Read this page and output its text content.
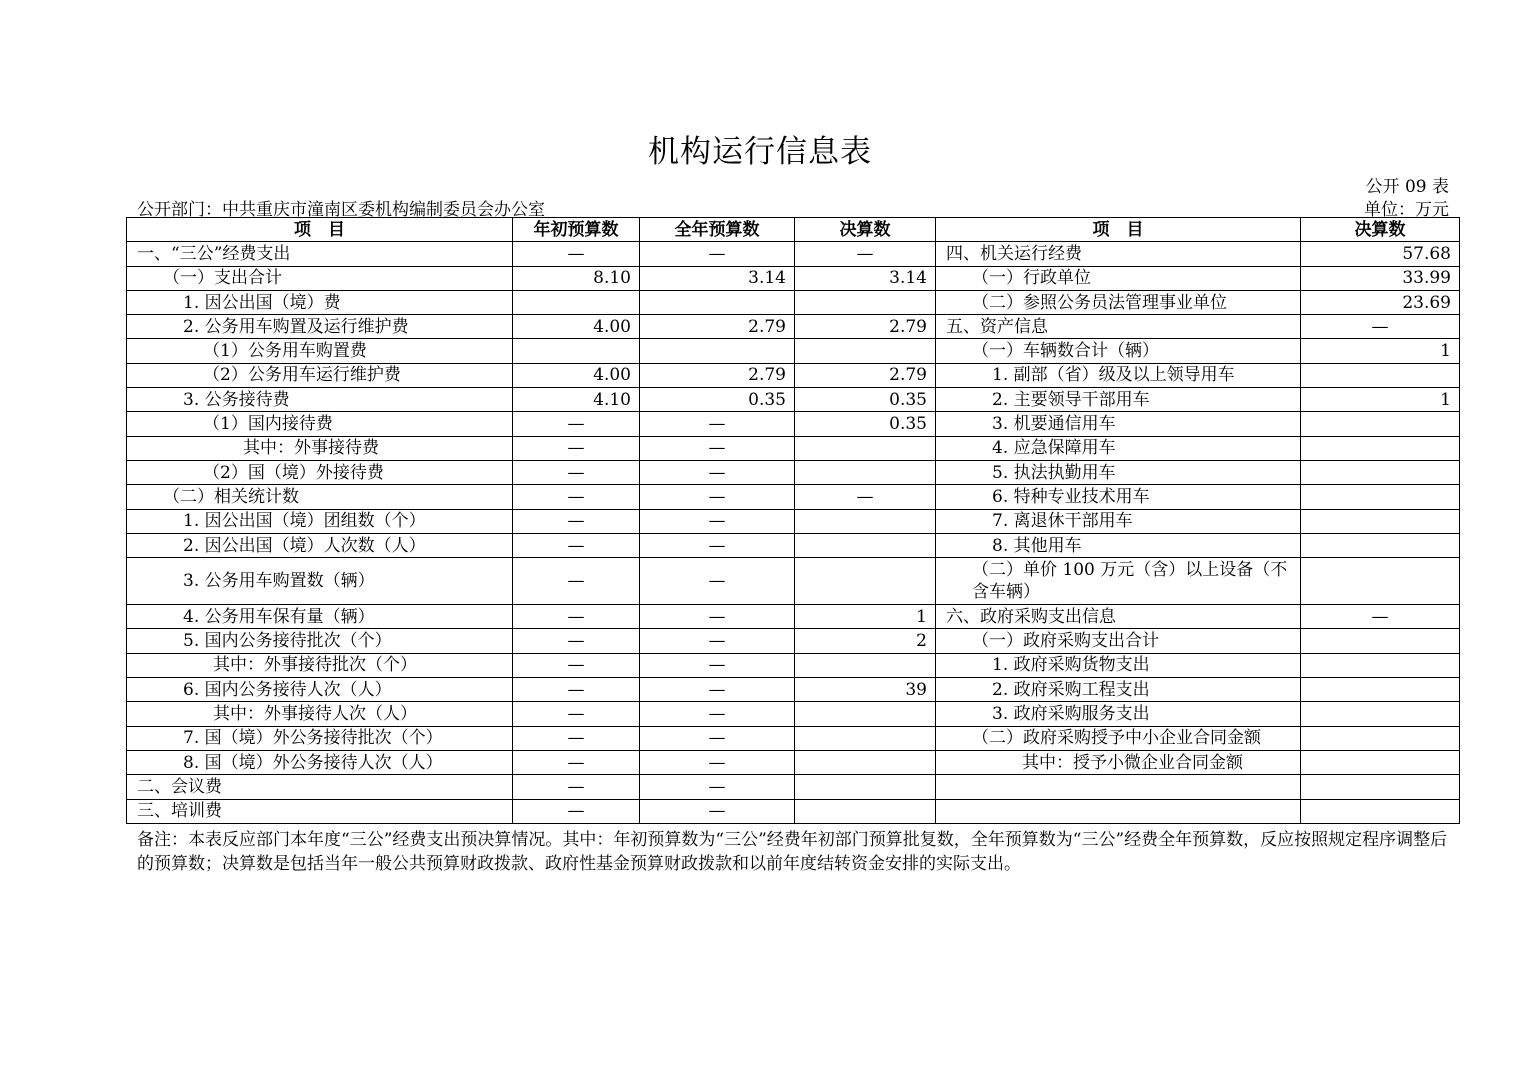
机构运行信息表
公开 09 表
公开部门：中共重庆市潼南区委机构编制委员会办公室	单位：万元
项　目	年初预算数	全年预算数	决算数	项　目	决算数
一、“三公”经费支出	—	—	—	四、机关运行经费	57.68
（一）支出合计	8.10	3.14	3.14	（一）行政单位	33.99
1. 因公出国（境）费				（二）参照公务员法管理事业单位	23.69
2. 公务用车购置及运行维护费	4.00	2.79	2.79	五、资产信息	—
（1）公务用车购置费				（一）车辆数合计（辆）	1
（2）公务用车运行维护费	4.00	2.79	2.79	1. 副部（省）级及以上领导用车	
3. 公务接待费	4.10	0.35	0.35	2. 主要领导干部用车	1
（1）国内接待费	—	—	0.35	3. 机要通信用车	
其中：外事接待费	—	—		4. 应急保障用车	
（2）国（境）外接待费	—	—		5. 执法执勤用车	
（二）相关统计数	—	—	—	6. 特种专业技术用车	
1. 因公出国（境）团组数（个）	—	—		7. 离退休干部用车	
2. 因公出国（境）人次数（人）	—	—		8. 其他用车	
3. 公务用车购置数（辆）	—	—		（二）单价 100 万元（含）以上设备（不含车辆）	
4. 公务用车保有量（辆）	—	—	1	六、政府采购支出信息	—
5. 国内公务接待批次（个）	—	—	2	（一）政府采购支出合计	
其中：外事接待批次（个）	—	—		1. 政府采购货物支出	
6. 国内公务接待人次（人）	—	—	39	2. 政府采购工程支出	
其中：外事接待人次（人）	—	—		3. 政府采购服务支出	
7. 国（境）外公务接待批次（个）	—	—		（二）政府采购授予中小企业合同金额	
8. 国（境）外公务接待人次（人）	—	—		其中：授予小微企业合同金额	
二、会议费	—	—			
三、培训费	—	—			
备注：本表反应部门本年度“三公”经费支出预决算情况。其中：年初预算数为“三公”经费年初部门预算批复数，全年预算数为“三公”经费全年预算数，反应按照规定程序调整后的预算数；决算数是包括当年一般公共预算财政拨款、政府性基金预算财政拨款和以前年度结转资金安排的实际支出。
